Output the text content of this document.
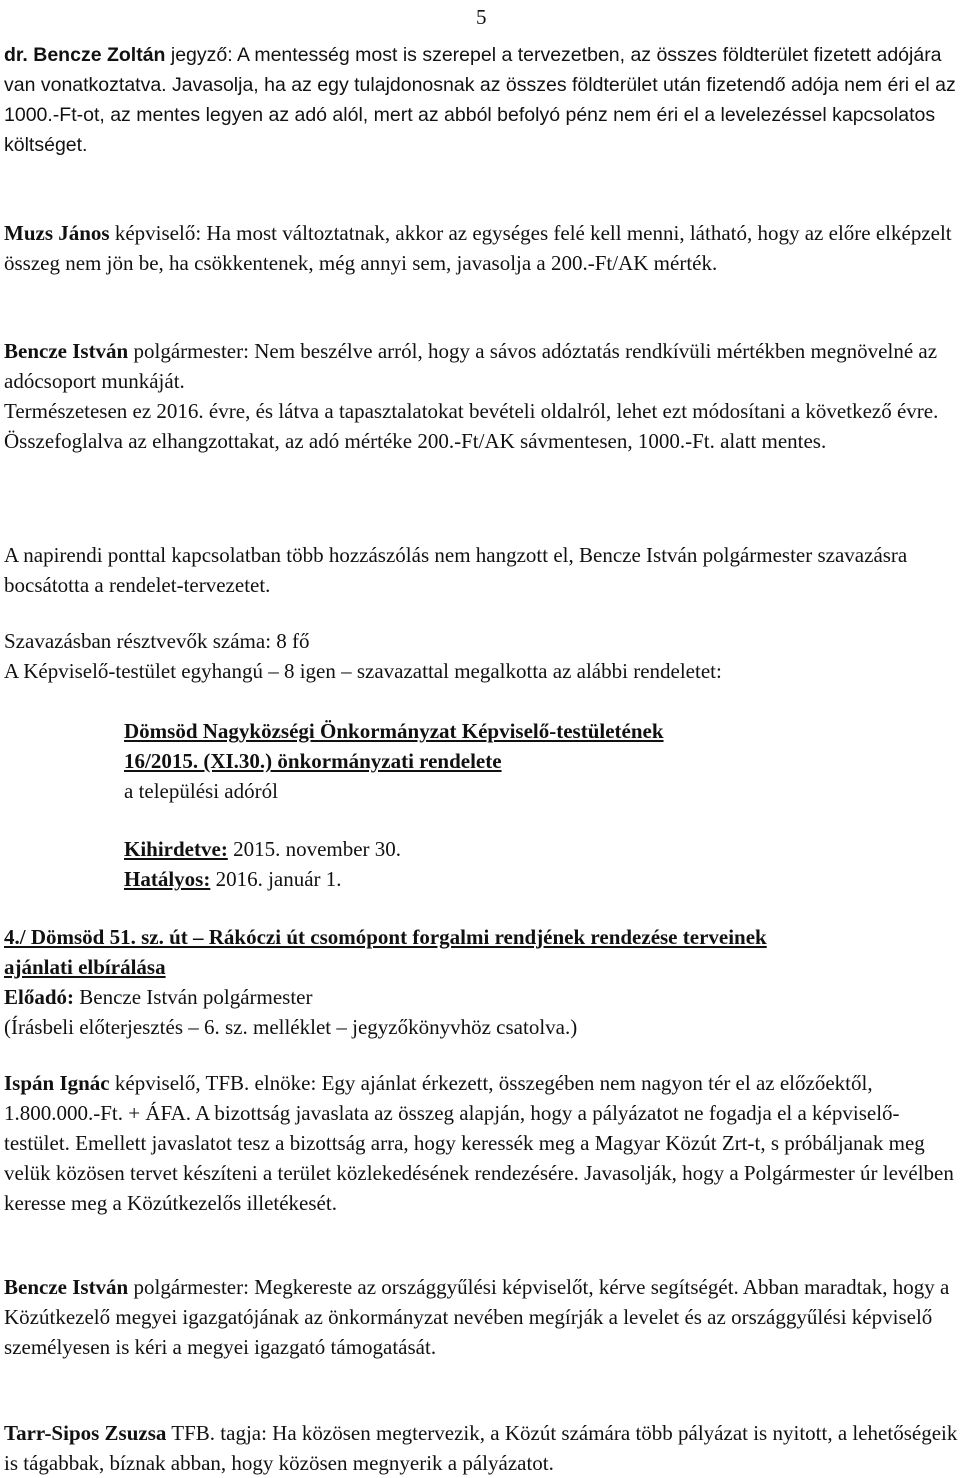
5

dr. Bencze Zoltán jegyző: A mentesség most is szerepel a tervezetben, az összes földterület fizetett adójára van vonatkoztatva. Javasolja, ha az egy tulajdonosnak az összes földterület után fizetendő adója nem éri el az 1000.-Ft-ot, az mentes legyen az adó alól, mert az abból befolyó pénz nem éri el a levelezéssel kapcsolatos költséget.

Muzs János képviselő: Ha most változtatnak, akkor az egységes felé kell menni, látható, hogy az előre elképzelt összeg nem jön be, ha csökkentenek, még annyi sem, javasolja a 200.-Ft/AK mérték.

Bencze István polgármester: Nem beszélve arról, hogy a sávos adóztatás rendkívüli mértékben megnövelné az adócsoport munkáját.
Természetesen ez 2016. évre, és látva a tapasztalatokat bevételi oldalról, lehet ezt módosítani a következő évre.
Összefoglalva az elhangzottakat, az adó mértéke 200.-Ft/AK sávmentesen, 1000.-Ft. alatt mentes.

A napirendi ponttal kapcsolatban több hozzászólás nem hangzott el, Bencze István polgármester szavazásra bocsátotta a rendelet-tervezetet.

Szavazásban résztvevők száma: 8 fő
A Képviselő-testület egyhangú – 8 igen – szavazattal megalkotta az alábbi rendeletet:

Dömsöd Nagyközségi Önkormányzat Képviselő-testületének
16/2015. (XI.30.) önkormányzati rendelete
a települési adóról

Kihirdetve: 2015. november 30.
Hatályos: 2016. január 1.

4./ Dömsöd 51. sz. út – Rákóczi út csomópont forgalmi rendjének rendezése terveinek
ajánlati elbírálása
Előadó: Bencze István polgármester
(Írásbeli előterjesztés – 6. sz. melléklet – jegyzőkönyvhöz csatolva.)

Ispán Ignác képviselő, TFB. elnöke: Egy ajánlat érkezett, összegében nem nagyon tér el az előzőektől, 1.800.000.-Ft. + ÁFA. A bizottság javaslata az összeg alapján, hogy a pályázatot ne fogadja el a képviselő-testület. Emellett javaslatot tesz a bizottság arra, hogy keressék meg a Magyar Közút Zrt-t, s próbáljanak meg velük közösen tervet készíteni a terület közlekedésének rendezésére. Javasolják, hogy a Polgármester úr levélben keresse meg a Közútkezelős illetékesét.

Bencze István polgármester: Megkereste az országgyűlési képviselőt, kérve segítségét. Abban maradtak, hogy a Közútkezelő megyei igazgatójának az önkormányzat nevében megírják a levelet és az országgyűlési képviselő személyesen is kéri a megyei igazgató támogatását.

Tarr-Sipos Zsuzsa TFB. tagja: Ha közösen megtervezik, a Közút számára több pályázat is nyitott, a lehetőségeik is tágabbak, bíznak abban, hogy közösen megnyerik a pályázatot.
